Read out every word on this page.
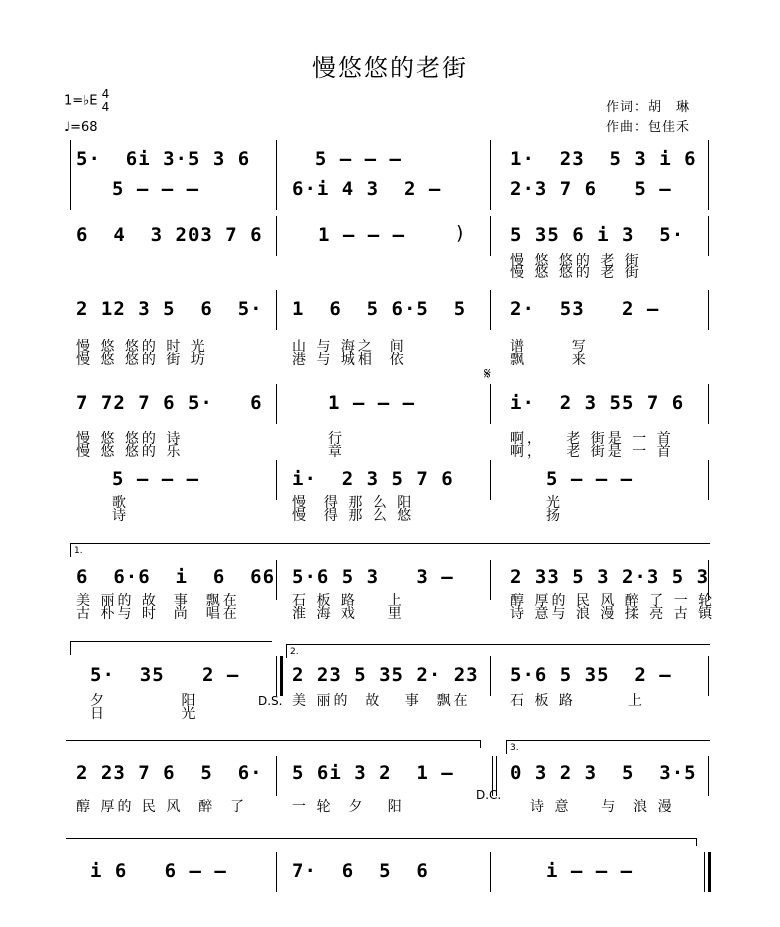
慢悠悠的老街
1=♭E 4
4
♩=68
作词：胡　琳
作曲：包佳禾
5·  6i 3·5 3 6 5 – – –	1·  23  5 3 i 6
5 – – –	6·i 4 3  2 –	2·3 7 6   5 –
6  4  3 203 7 6	1 – – –	) 5 35 6 i 3  5·
慢 悠 悠的 老 街
慢 悠 悠的 老 街
2 12 3 5  6  5· 1  6  5 6·5  5 2·  53   2 –
慢 悠 悠的 时 光
慢 悠 悠的 街 坊
山 与 海之  间
港 与 城相  依
谱      写
飘      来
𝄋
7 72 7 6 5·   6	1 – – –	i·  2 3 55 7 6
慢 悠 悠的 诗
慢 悠 悠的 乐
行
章
啊，   老 街是 一 首
啊，   老 街是 一 首
5 – – –	i·  2 3 5 7 6	5 – – –
歌
诗
慢  得 那 么 阳
慢  得 那 么 悠
光
扬
1.
6  6·6  i  6  66 5·6 5 3   3 –	2 33 5 3 2·3 5 3
美 丽的 故  事  飘在
古 朴与 时  尚  唱在
石 板 路    上
淮 海 戏    里
醇 厚的 民 风 醉 了 一 轮
诗 意与 浪 漫 揉 亮 古 镇
2.
5·  35   2 –	2 23 5 35 2· 23 5·6 5 35  2 –
夕          阳
日          光
D.S. 美 丽的  故   事  飘在	石 板 路       上
3.
2 23 7 6  5  6· 5 6i 3 2  1 –	0 3 2 3  5  3·5
醇 厚的 民 风  醉  了	一 轮  夕   阳
D.C.
诗 意    与  浪 漫
i 6   6 – –	7·  6  5  6	i – – –
